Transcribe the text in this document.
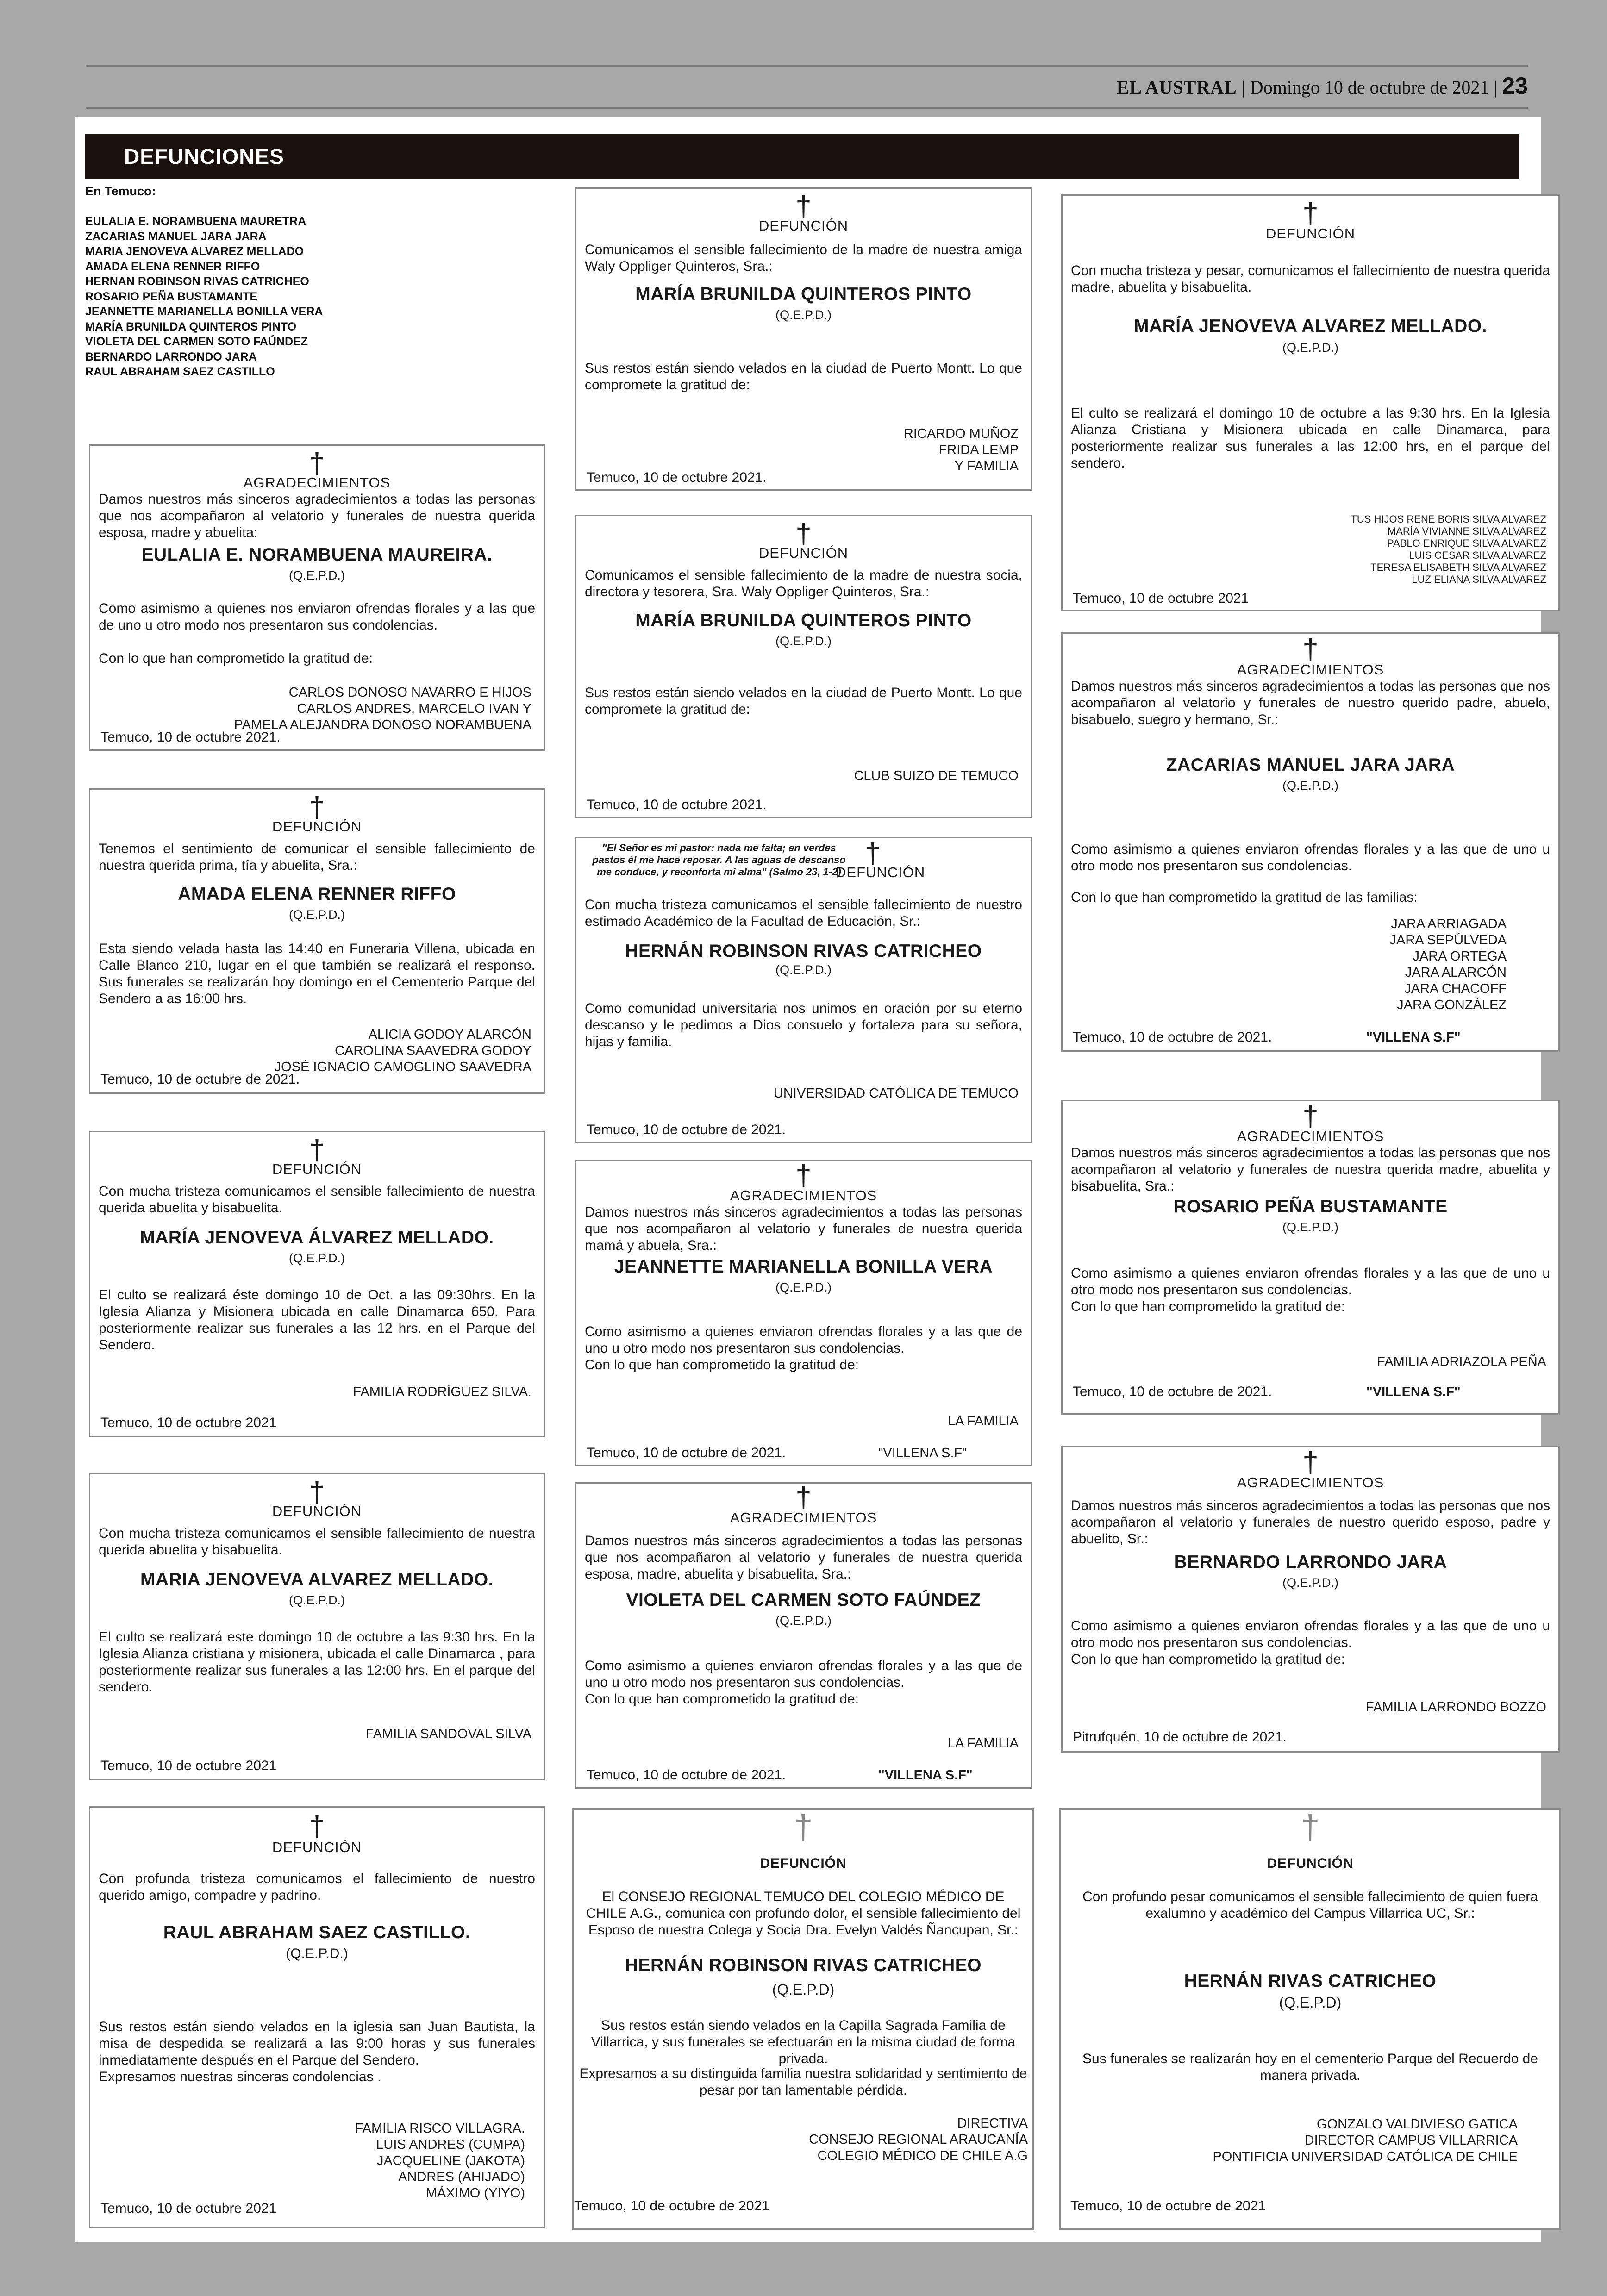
EL AUSTRAL | Domingo 10 de octubre de 2021 | 23
DEFUNCIONES
En Temuco:
EULALIA E. NORAMBUENA MAURETRA
ZACARIAS MANUEL JARA JARA
MARIA JENOVEVA ALVAREZ MELLADO
AMADA ELENA RENNER RIFFO
HERNAN ROBINSON RIVAS CATRICHEO
ROSARIO PEÑA BUSTAMANTE
JEANNETTE MARIANELLA BONILLA VERA
MARÍA BRUNILDA QUINTEROS PINTO
VIOLETA DEL CARMEN SOTO FAÚNDEZ
BERNARDO LARRONDO JARA
RAUL ABRAHAM SAEZ CASTILLO
†
AGRADECIMIENTOS
Damos nuestros más sinceros agradecimientos a todas las personas que nos acompañaron al velatorio y funerales de nuestra querida esposa, madre y abuelita:
EULALIA E. NORAMBUENA MAUREIRA.
(Q.E.P.D.)
Como asimismo a quienes nos enviaron ofrendas florales y a las que de uno u otro modo nos presentaron sus condolencias.
Con lo que han comprometido la gratitud de:
CARLOS DONOSO NAVARRO E HIJOS
CARLOS ANDRES, MARCELO IVAN Y
PAMELA ALEJANDRA DONOSO NORAMBUENA
Temuco, 10 de octubre 2021.
†
DEFUNCIÓN
Tenemos el sentimiento de comunicar el sensible fallecimiento de nuestra querida prima, tía y abuelita, Sra.:
AMADA ELENA RENNER RIFFO
(Q.E.P.D.)
Esta siendo velada hasta las 14:40 en Funeraria Villena, ubicada en Calle Blanco 210, lugar en el que también se realizará el responso. Sus funerales se realizarán hoy domingo en el Cementerio Parque del Sendero a as 16:00 hrs.
ALICIA GODOY ALARCÓN
CAROLINA SAAVEDRA GODOY
JOSÉ IGNACIO CAMOGLINO SAAVEDRA
Temuco, 10 de octubre de 2021.
†
DEFUNCIÓN
Con mucha tristeza comunicamos el sensible fallecimiento de nuestra querida abuelita y bisabuelita.
MARÍA JENOVEVA ÁLVAREZ MELLADO.
(Q.E.P.D.)
El culto se realizará éste domingo 10 de Oct. a las 09:30hrs. En la Iglesia Alianza y Misionera ubicada en calle Dinamarca 650. Para posteriormente realizar sus funerales a las 12 hrs. en el Parque del Sendero.
FAMILIA RODRÍGUEZ SILVA.
Temuco, 10 de octubre 2021
†
DEFUNCIÓN
Con mucha tristeza comunicamos el sensible fallecimiento de nuestra querida abuelita y bisabuelita.
MARIA JENOVEVA ALVAREZ MELLADO.
(Q.E.P.D.)
El culto se realizará este domingo 10 de octubre a las 9:30 hrs. En la Iglesia Alianza cristiana y misionera, ubicada el calle Dinamarca , para posteriormente realizar sus funerales a las 12:00 hrs. En el parque del sendero.
FAMILIA SANDOVAL SILVA
Temuco, 10 de octubre 2021
†
DEFUNCIÓN
Con profunda tristeza comunicamos el fallecimiento de nuestro querido amigo, compadre y padrino.
RAUL ABRAHAM SAEZ CASTILLO.
(Q.E.P.D.)
Sus restos están siendo velados en la iglesia san Juan Bautista, la misa de despedida se realizará a las 9:00 horas y sus funerales inmediatamente después en el Parque del Sendero.
Expresamos nuestras sinceras condolencias .
FAMILIA RISCO VILLAGRA.
LUIS ANDRES (CUMPA)
JACQUELINE (JAKOTA)
ANDRES (AHIJADO)
MÁXIMO (YIYO)
Temuco, 10 de octubre 2021
†
DEFUNCIÓN
Comunicamos el sensible fallecimiento de la madre de nuestra amiga Waly Oppliger Quinteros, Sra.:
MARÍA BRUNILDA QUINTEROS PINTO
(Q.E.P.D.)
Sus restos están siendo velados en la ciudad de Puerto Montt. Lo que compromete la gratitud de:
RICARDO MUÑOZ
FRIDA LEMP
Y FAMILIA
Temuco, 10 de octubre 2021.
†
DEFUNCIÓN
Comunicamos el sensible fallecimiento de la madre de nuestra socia, directora y tesorera, Sra. Waly Oppliger Quinteros, Sra.:
MARÍA BRUNILDA QUINTEROS PINTO
(Q.E.P.D.)
Sus restos están siendo velados en la ciudad de Puerto Montt. Lo que compromete la gratitud de:
CLUB SUIZO DE TEMUCO
Temuco, 10 de octubre 2021.
"El Señor es mi pastor: nada me falta; en verdes pastos él me hace reposar. A las aguas de descanso me conduce, y reconforta mi alma" (Salmo 23, 1-2)
†
DEFUNCIÓN
Con mucha tristeza comunicamos el sensible fallecimiento de nuestro estimado Académico de la Facultad de Educación, Sr.:
HERNÁN ROBINSON RIVAS CATRICHEO
(Q.E.P.D.)
Como comunidad universitaria nos unimos en oración por su eterno descanso y le pedimos a Dios consuelo y fortaleza para su señora, hijas y familia.
UNIVERSIDAD CATÓLICA DE TEMUCO
Temuco, 10 de octubre de 2021.
†
AGRADECIMIENTOS
Damos nuestros más sinceros agradecimientos a todas las personas que nos acompañaron al velatorio y funerales de nuestra querida mamá y abuela, Sra.:
JEANNETTE MARIANELLA BONILLA VERA
(Q.E.P.D.)
Como asimismo a quienes enviaron ofrendas florales y a las que de uno u otro modo nos presentaron sus condolencias.
Con lo que han comprometido la gratitud de:
LA FAMILIA
Temuco, 10 de octubre de 2021.	"VILLENA S.F"
†
AGRADECIMIENTOS
Damos nuestros más sinceros agradecimientos a todas las personas que nos acompañaron al velatorio y funerales de nuestra querida esposa, madre, abuelita y bisabuelita, Sra.:
VIOLETA DEL CARMEN SOTO FAÚNDEZ
(Q.E.P.D.)
Como asimismo a quienes enviaron ofrendas florales y a las que de uno u otro modo nos presentaron sus condolencias.
Con lo que han comprometido la gratitud de:
LA FAMILIA
Temuco, 10 de octubre de 2021.	"VILLENA S.F"
†
DEFUNCIÓN
El CONSEJO REGIONAL TEMUCO DEL COLEGIO MÉDICO DE CHILE A.G., comunica con profundo dolor, el sensible fallecimiento del Esposo de nuestra Colega y Socia Dra. Evelyn Valdés Ñancupan, Sr.:
HERNÁN ROBINSON RIVAS CATRICHEO
(Q.E.P.D)
Sus restos están siendo velados en la Capilla Sagrada Familia de Villarrica, y sus funerales se efectuarán en la misma ciudad de forma privada.
Expresamos a su distinguida familia nuestra solidaridad y sentimiento de pesar por tan lamentable pérdida.
DIRECTIVA
CONSEJO REGIONAL ARAUCANÍA
COLEGIO MÉDICO DE CHILE A.G
Temuco, 10 de octubre de 2021
†
DEFUNCIÓN
Con mucha tristeza y pesar, comunicamos el fallecimiento de nuestra querida madre, abuelita y bisabuelita.
MARÍA JENOVEVA ALVAREZ MELLADO.
(Q.E.P.D.)
El culto se realizará el domingo 10 de octubre a las 9:30 hrs. En la Iglesia Alianza Cristiana y Misionera ubicada en calle Dinamarca, para posteriormente realizar sus funerales a las 12:00 hrs, en el parque del sendero.
TUS HIJOS RENE BORIS SILVA ALVAREZ
MARÍA VIVIANNE SILVA ALVAREZ
PABLO ENRIQUE SILVA ALVAREZ
LUIS CESAR SILVA ALVAREZ
TERESA ELISABETH SILVA ALVAREZ
LUZ ELIANA SILVA ALVAREZ
Temuco, 10 de octubre 2021
†
AGRADECIMIENTOS
Damos nuestros más sinceros agradecimientos a todas las personas que nos acompañaron al velatorio y funerales de nuestro querido padre, abuelo, bisabuelo, suegro y hermano, Sr.:
ZACARIAS MANUEL JARA JARA
(Q.E.P.D.)
Como asimismo a quienes enviaron ofrendas florales y a las que de uno u otro modo nos presentaron sus condolencias.
Con lo que han comprometido la gratitud de las familias:
JARA ARRIAGADA
JARA SEPÚLVEDA
JARA ORTEGA
JARA ALARCÓN
JARA CHACOFF
JARA GONZÁLEZ
Temuco, 10 de octubre de 2021.	"VILLENA S.F"
†
AGRADECIMIENTOS
Damos nuestros más sinceros agradecimientos a todas las personas que nos acompañaron al velatorio y funerales de nuestra querida madre, abuelita y bisabuelita, Sra.:
ROSARIO PEÑA BUSTAMANTE
(Q.E.P.D.)
Como asimismo a quienes enviaron ofrendas florales y a las que de uno u otro modo nos presentaron sus condolencias.
Con lo que han comprometido la gratitud de:
FAMILIA ADRIAZOLA PEÑA
Temuco, 10 de octubre de 2021.	"VILLENA S.F"
†
AGRADECIMIENTOS
Damos nuestros más sinceros agradecimientos a todas las personas que nos acompañaron al velatorio y funerales de nuestro querido esposo, padre y abuelito, Sr.:
BERNARDO LARRONDO JARA
(Q.E.P.D.)
Como asimismo a quienes enviaron ofrendas florales y a las que de uno u otro modo nos presentaron sus condolencias.
Con lo que han comprometido la gratitud de:
FAMILIA LARRONDO BOZZO
Pitrufquén, 10 de octubre de 2021.
†
DEFUNCIÓN
Con profundo pesar comunicamos el sensible fallecimiento de quien fuera exalumno y académico del Campus Villarrica UC, Sr.:
HERNÁN RIVAS CATRICHEO
(Q.E.P.D)
Sus funerales se realizarán hoy en el cementerio Parque del Recuerdo de manera privada.
GONZALO VALDIVIESO GATICA
DIRECTOR CAMPUS VILLARRICA
PONTIFICIA UNIVERSIDAD CATÓLICA DE CHILE
Temuco, 10 de octubre de 2021
